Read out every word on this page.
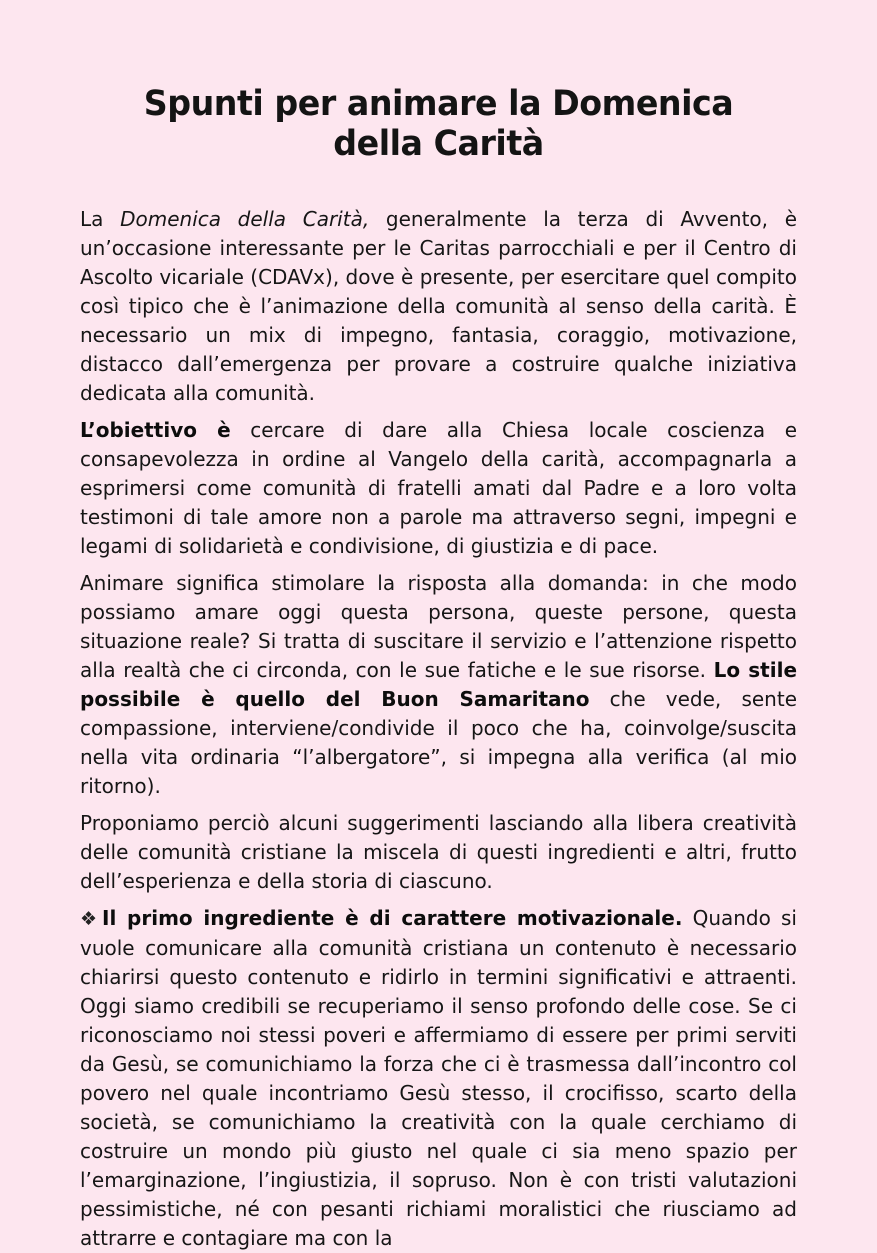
Spunti per animare la Domenica della Carità

La Domenica della Carità, generalmente la terza di Avvento, è un’occasione interessante per le Caritas parrocchiali e per il Centro di Ascolto vicariale (CDAVx), dove è presente, per esercitare quel compito così tipico che è l’animazione della comunità al senso della carità. È necessario un mix di impegno, fantasia, coraggio, motivazione, distacco dall’emergenza per provare a costruire qualche iniziativa dedicata alla comunità.

L’obiettivo è cercare di dare alla Chiesa locale coscienza e consapevolezza in ordine al Vangelo della carità, accompagnarla a esprimersi come comunità di fratelli amati dal Padre e a loro volta testimoni di tale amore non a parole ma attraverso segni, impegni e legami di solidarietà e condivisione, di giustizia e di pace.

Animare significa stimolare la risposta alla domanda: in che modo possiamo amare oggi questa persona, queste persone, questa situazione reale? Si tratta di suscitare il servizio e l’attenzione rispetto alla realtà che ci circonda, con le sue fatiche e le sue risorse. Lo stile possibile è quello del Buon Samaritano che vede, sente compassione, interviene/condivide il poco che ha, coinvolge/suscita nella vita ordinaria “l’albergatore”, si impegna alla verifica (al mio ritorno).

Proponiamo perciò alcuni suggerimenti lasciando alla libera creatività delle comunità cristiane la miscela di questi ingredienti e altri, frutto dell’esperienza e della storia di ciascuno.

❖ Il primo ingrediente è di carattere motivazionale. Quando si vuole comunicare alla comunità cristiana un contenuto è necessario chiarirsi questo contenuto e ridirlo in termini significativi e attraenti. Oggi siamo credibili se recuperiamo il senso profondo delle cose. Se ci riconosciamo noi stessi poveri e affermiamo di essere per primi serviti da Gesù, se comunichiamo la forza che ci è trasmessa dall’incontro col povero nel quale incontriamo Gesù stesso, il crocifisso, scarto della società, se comunichiamo la creatività con la quale cerchiamo di costruire un mondo più giusto nel quale ci sia meno spazio per l’emarginazione, l’ingiustizia, il sopruso. Non è con tristi valutazioni pessimistiche, né con pesanti richiami moralistici che riusciamo ad attrarre e contagiare ma con la
